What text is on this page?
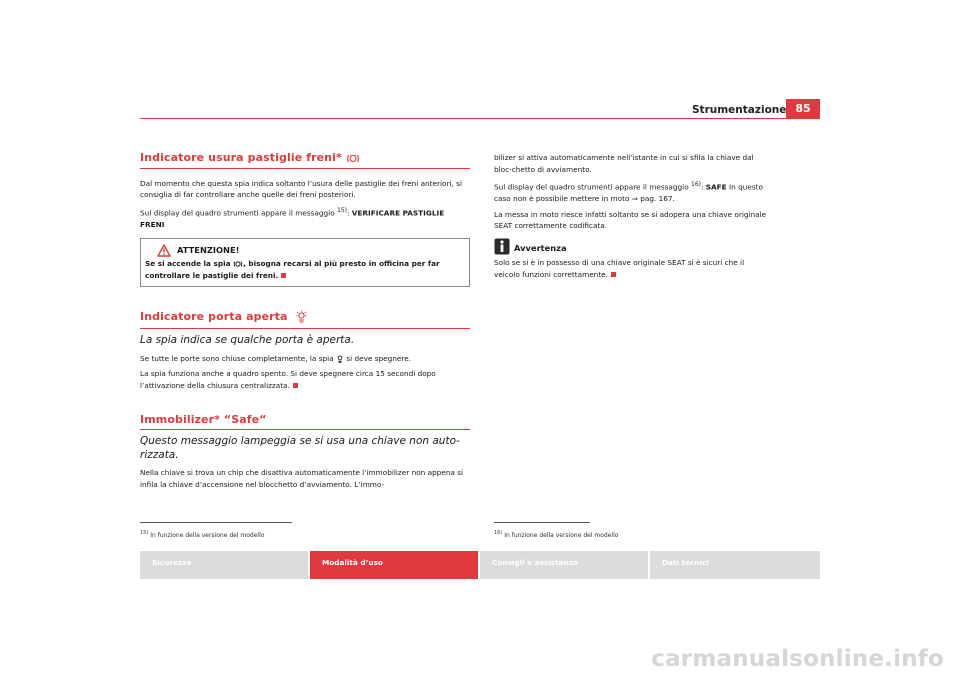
Strumentazione 85
Indicatore usura pastiglie freni*

Dal momento che questa spia indica soltanto l’usura delle pastiglie dei freni anteriori, si consiglia di far controllare anche quelle dei freni posteriori.

Sul display del quadro strumenti appare il messaggio $^{15)}$: VERIFICARE PASTIGLIE FRENI

ATTENZIONE!
Se si accende la spia , bisogna recarsi al più presto in officina per far controllare le pastiglie dei freni.
Indicatore porta aperta
La spia indica se qualche porta è aperta.

Se tutte le porte sono chiuse completamente, la spia si deve spegnere.

La spia funziona anche a quadro spento. Si deve spegnere circa 15 secondi dopo l’attivazione della chiusura centralizzata.

Immobilizer* “Safe“
Questo messaggio lampeggia se si usa una chiave non auto-
rizzata.

Nella chiave si trova un chip che disattiva automaticamente l’immobilizer non appena si infila la chiave d’accensione nel blocchetto d’avviamento. L’immo-

$^{15)}$ In funzione della versione del modello

bilizer si attiva automaticamente nell’istante in cui si sfila la chiave dal bloc-chetto di avviamento.

Sul display del quadro strumenti appare il messaggio $^{16)}$: SAFE In questo caso non è possibile mettere in moto ⇒ pag. 167.

La messa in moto riesce infatti soltanto se si adopera una chiave originale SEAT correttamente codificata.

Avvertenza

Solo se si è in possesso di una chiave originale SEAT si è sicuri che il veicolo funzioni correttamente.

$^{16)}$ In funzione della versione del modello
Sicurezza	Modalità d’uso	Consigli e assistenza	Dati tecnici
carmanualsonline.info
